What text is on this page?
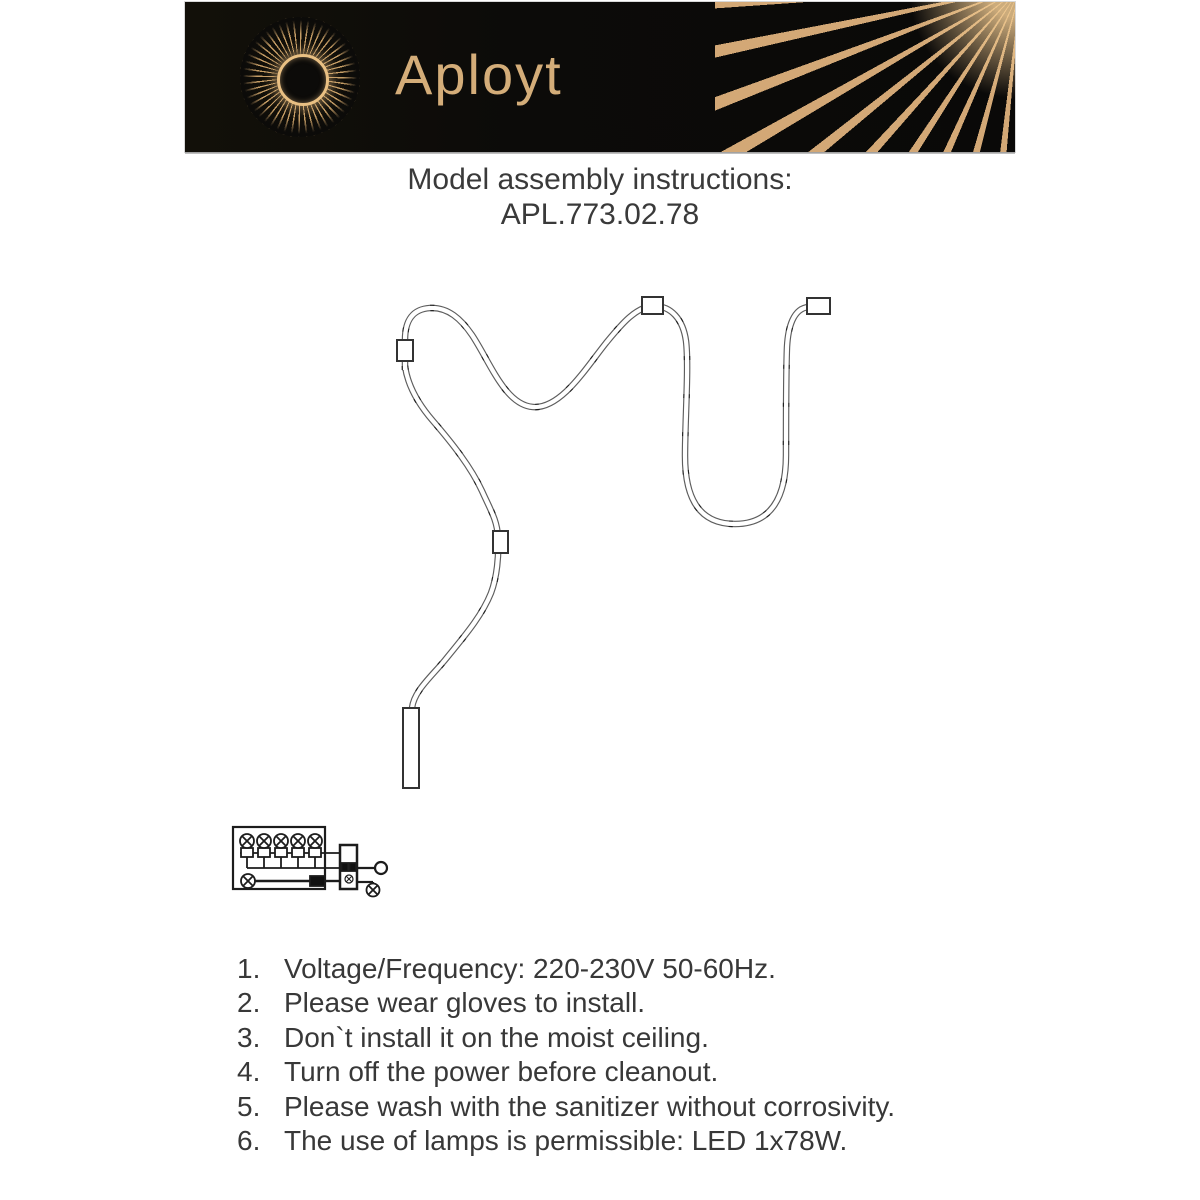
Aployt
Model assembly instructions:
APL.773.02.78
1. Voltage/Frequency: 220-230V 50-60Hz.
2. Please wear gloves to install.
3. Don`t install it on the moist ceiling.
4. Turn off the power before cleanout.
5. Please wash with the sanitizer without corrosivity.
6. The use of lamps is permissible: LED 1x78W.
